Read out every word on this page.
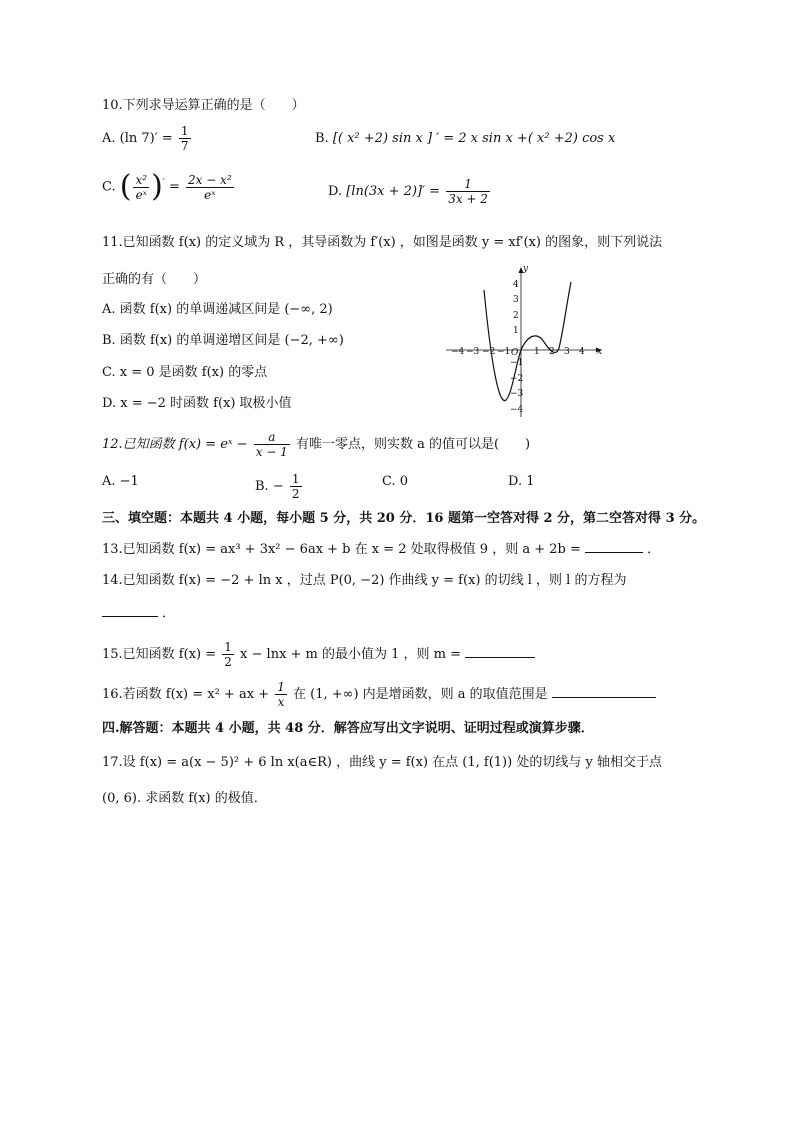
10.下列求导运算正确的是（　　）
A. (ln $7)' = \frac{1}{7}$	B. [( x² +2) sin x ] ′ = 2 x sin x +( x² +2) cos x
C. ( $\frac{\text{x²}}{\text{eˣ}} )' = \frac{\text{2x − x²}}{\text{eˣ}}$	D. $[\ln(3x + 2)]' = \frac{1}{3x + 2}$
11.已知函数 f(x) 的定义域为 R ，其导函数为 f′(x) ，如图是函数 y = xf′(x) 的图象，则下列说法
正确的有（　　）
A. 函数 f(x) 的单调递减区间是 (−∞, 2)
B. 函数 f(x) 的单调递增区间是 (−2, +∞)
C. x = 0 是函数 f(x) 的零点
D. x = −2 时函数 f(x) 取极小值
x
y
O
−4 −3 −2 −1	1 2 3 4
4
3
2
1
−1
−2
−3
−4
12.已知函数 f(x) = eˣ − $\frac{a}{x - 1}$ 有唯一零点，则实数 a 的值可以是(　　)
A. −1	B. − $\frac{1}{2}$	C. 0	D. 1
三、填空题：本题共 4 小题，每小题 5 分，共 20 分．16 题第一空答对得 2 分，第二空答对得 3 分。
13.已知函数 f(x) = ax³ + 3x² − 6ax + b 在 x = 2 处取得极值 9 ，则 a + 2b =	．
14.已知函数 f(x) = −2 + ln x ，过点 P(0, −2) 作曲线 y = f(x) 的切线 l ，则 l 的方程为
．
15.已知函数 $f(x) = \frac{1}{2}$ x − lnx + m 的最小值为 1 ，则 m =
16.若函数 f(x) = x² + ax + $\frac{1}{x}$ 在 (1, +∞) 内是增函数，则 a 的取值范围是
四.解答题：本题共 4 小题，共 48 分．解答应写出文字说明、证明过程或演算步骤．
17.设 f(x) = a(x − 5)² + 6 ln x(a∈R) ，曲线 y = f(x) 在点 (1, f(1)) 处的切线与 y 轴相交于点
(0, 6). 求函数 f(x) 的极值．
